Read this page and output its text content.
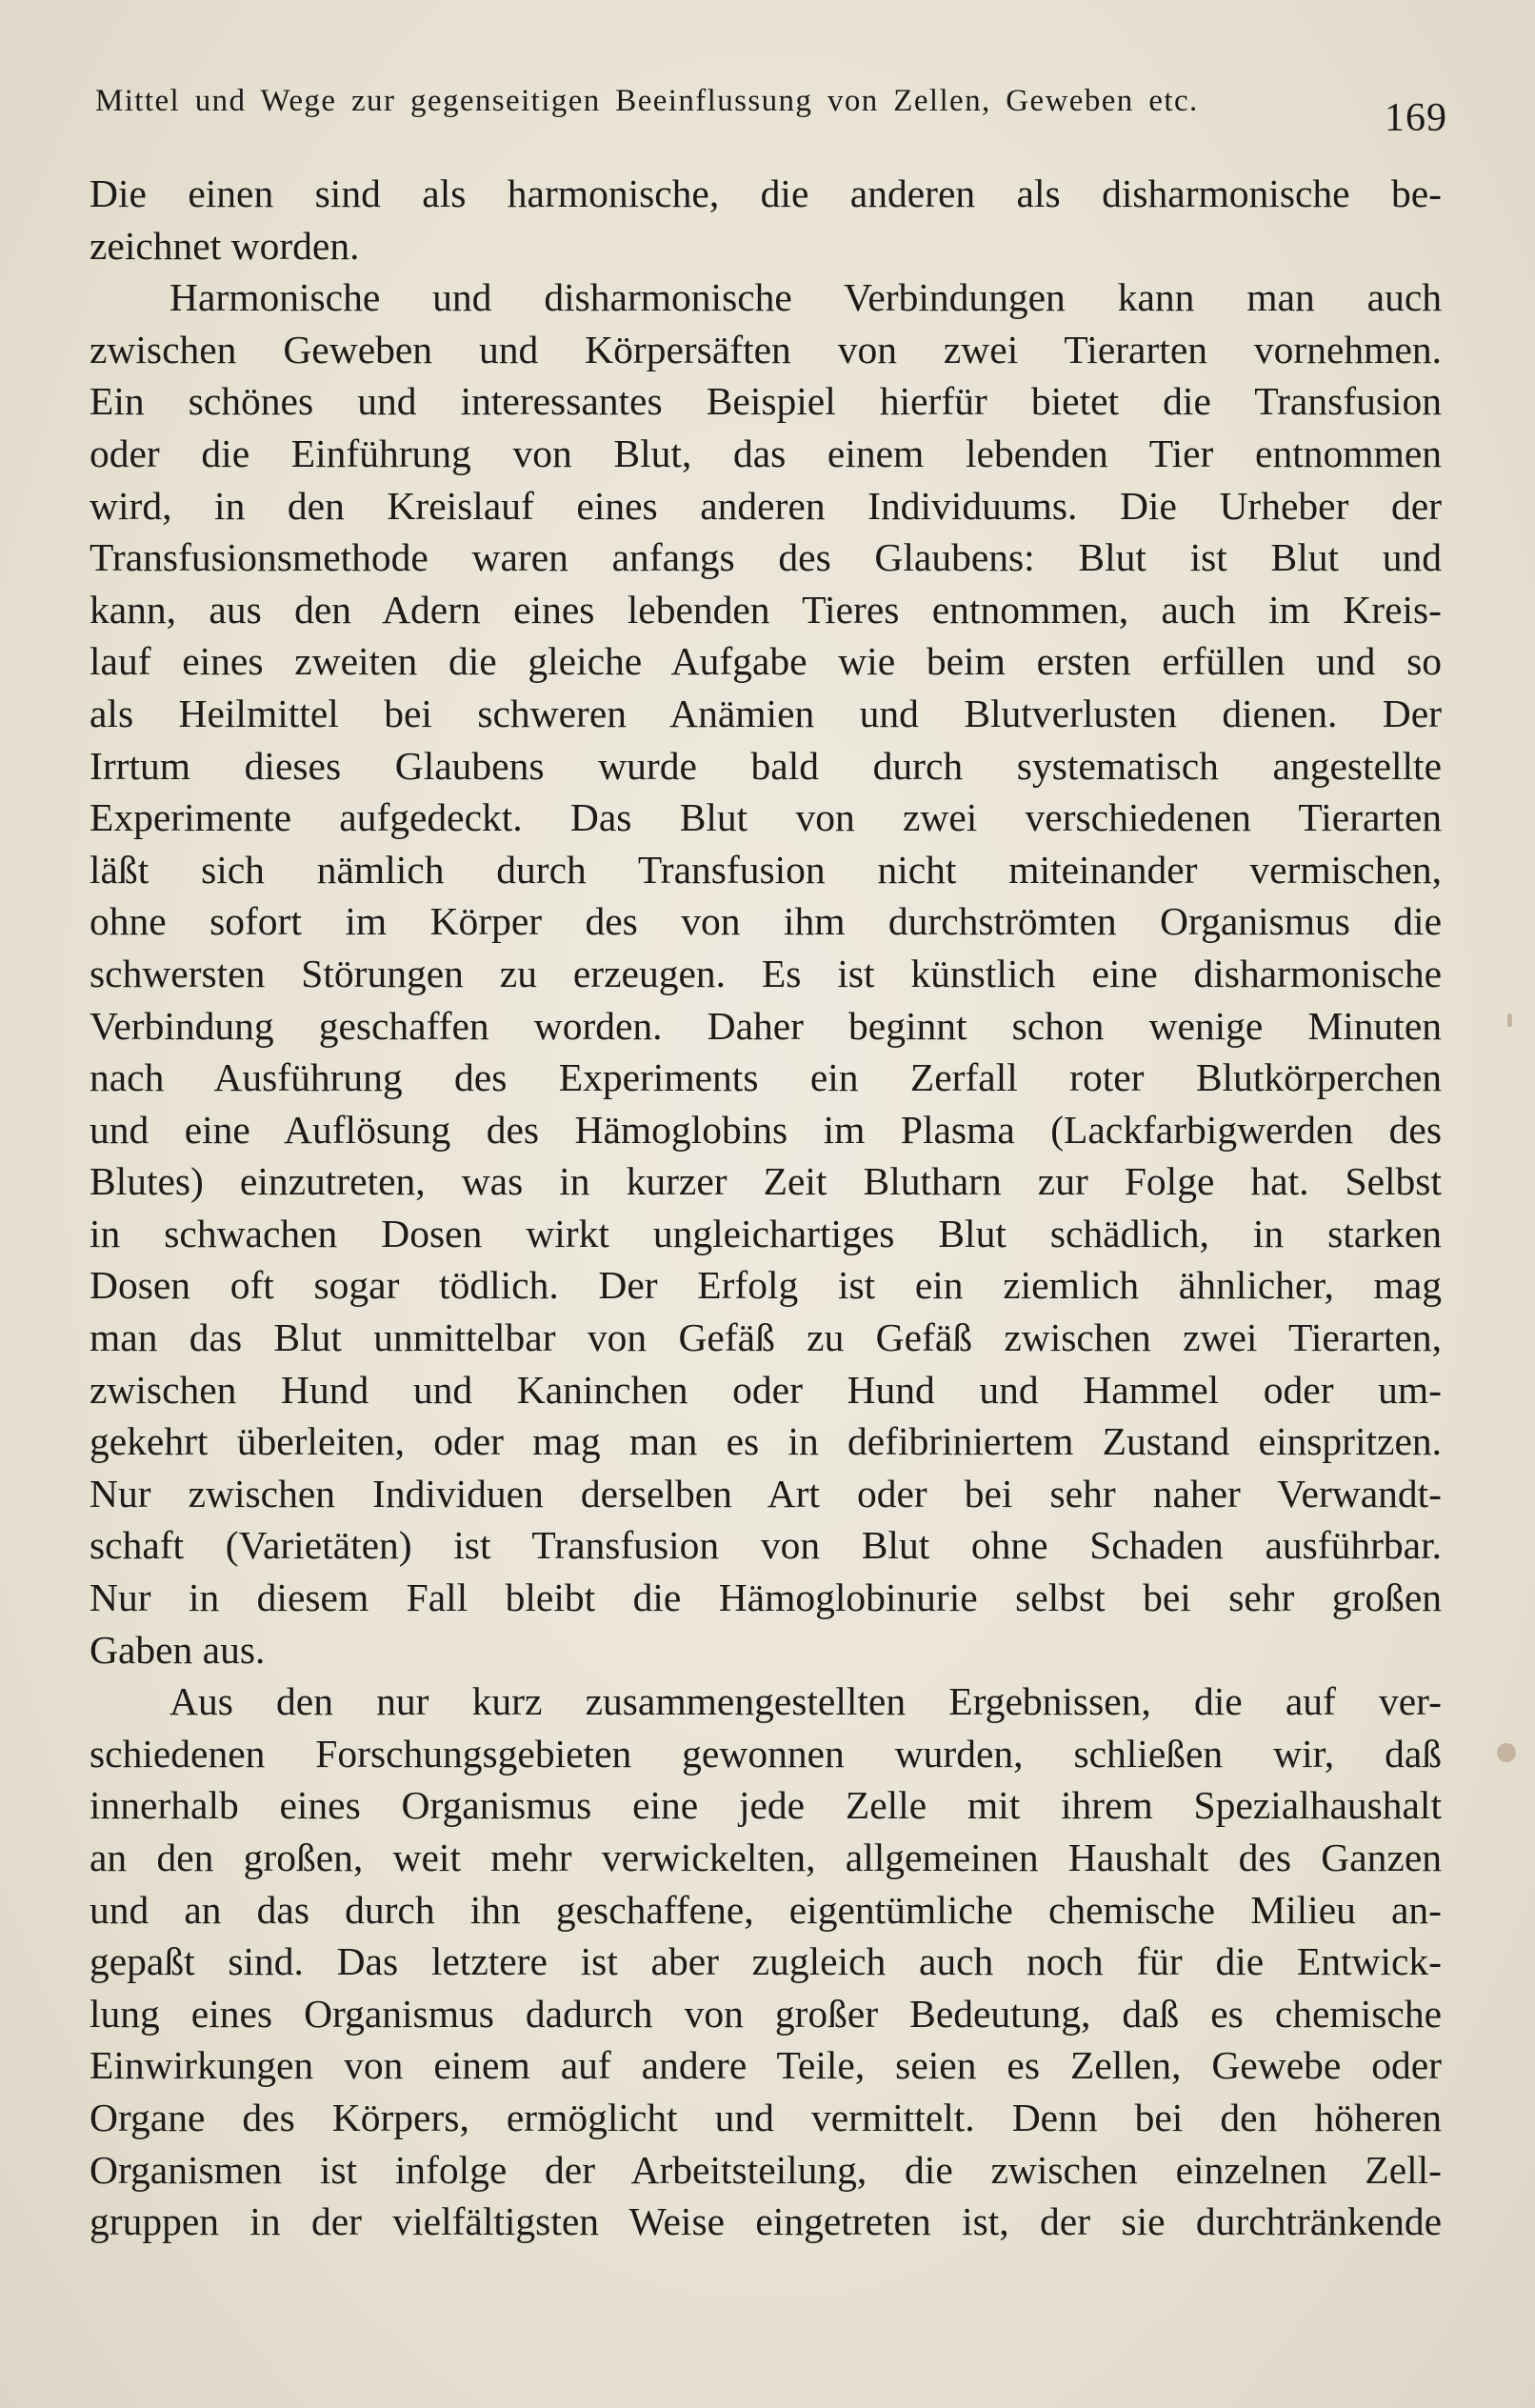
Mittel und Wege zur gegenseitigen Beeinflussung von Zellen, Geweben etc.	169
Die einen sind als harmonische, die anderen als disharmonische be-
zeichnet worden.
Harmonische und disharmonische Verbindungen kann man auch
zwischen Geweben und Körpersäften von zwei Tierarten vornehmen.
Ein schönes und interessantes Beispiel hierfür bietet die Transfusion
oder die Einführung von Blut, das einem lebenden Tier entnommen
wird, in den Kreislauf eines anderen Individuums. Die Urheber der
Transfusionsmethode waren anfangs des Glaubens: Blut ist Blut und
kann, aus den Adern eines lebenden Tieres entnommen, auch im Kreis-
lauf eines zweiten die gleiche Aufgabe wie beim ersten erfüllen und so
als Heilmittel bei schweren Anämien und Blutverlusten dienen. Der
Irrtum dieses Glaubens wurde bald durch systematisch angestellte
Experimente aufgedeckt. Das Blut von zwei verschiedenen Tierarten
läßt sich nämlich durch Transfusion nicht miteinander vermischen,
ohne sofort im Körper des von ihm durchströmten Organismus die
schwersten Störungen zu erzeugen. Es ist künstlich eine disharmonische
Verbindung geschaffen worden. Daher beginnt schon wenige Minuten
nach Ausführung des Experiments ein Zerfall roter Blutkörperchen
und eine Auflösung des Hämoglobins im Plasma (Lackfarbigwerden des
Blutes) einzutreten, was in kurzer Zeit Blutharn zur Folge hat. Selbst
in schwachen Dosen wirkt ungleichartiges Blut schädlich, in starken
Dosen oft sogar tödlich. Der Erfolg ist ein ziemlich ähnlicher, mag
man das Blut unmittelbar von Gefäß zu Gefäß zwischen zwei Tierarten,
zwischen Hund und Kaninchen oder Hund und Hammel oder um-
gekehrt überleiten, oder mag man es in defibriniertem Zustand einspritzen.
Nur zwischen Individuen derselben Art oder bei sehr naher Verwandt-
schaft (Varietäten) ist Transfusion von Blut ohne Schaden ausführbar.
Nur in diesem Fall bleibt die Hämoglobinurie selbst bei sehr großen
Gaben aus.
Aus den nur kurz zusammengestellten Ergebnissen, die auf ver-
schiedenen Forschungsgebieten gewonnen wurden, schließen wir, daß
innerhalb eines Organismus eine jede Zelle mit ihrem Spezialhaushalt
an den großen, weit mehr verwickelten, allgemeinen Haushalt des Ganzen
und an das durch ihn geschaffene, eigentümliche chemische Milieu an-
gepaßt sind. Das letztere ist aber zugleich auch noch für die Entwick-
lung eines Organismus dadurch von großer Bedeutung, daß es chemische
Einwirkungen von einem auf andere Teile, seien es Zellen, Gewebe oder
Organe des Körpers, ermöglicht und vermittelt. Denn bei den höheren
Organismen ist infolge der Arbeitsteilung, die zwischen einzelnen Zell-
gruppen in der vielfältigsten Weise eingetreten ist, der sie durchtränkende
